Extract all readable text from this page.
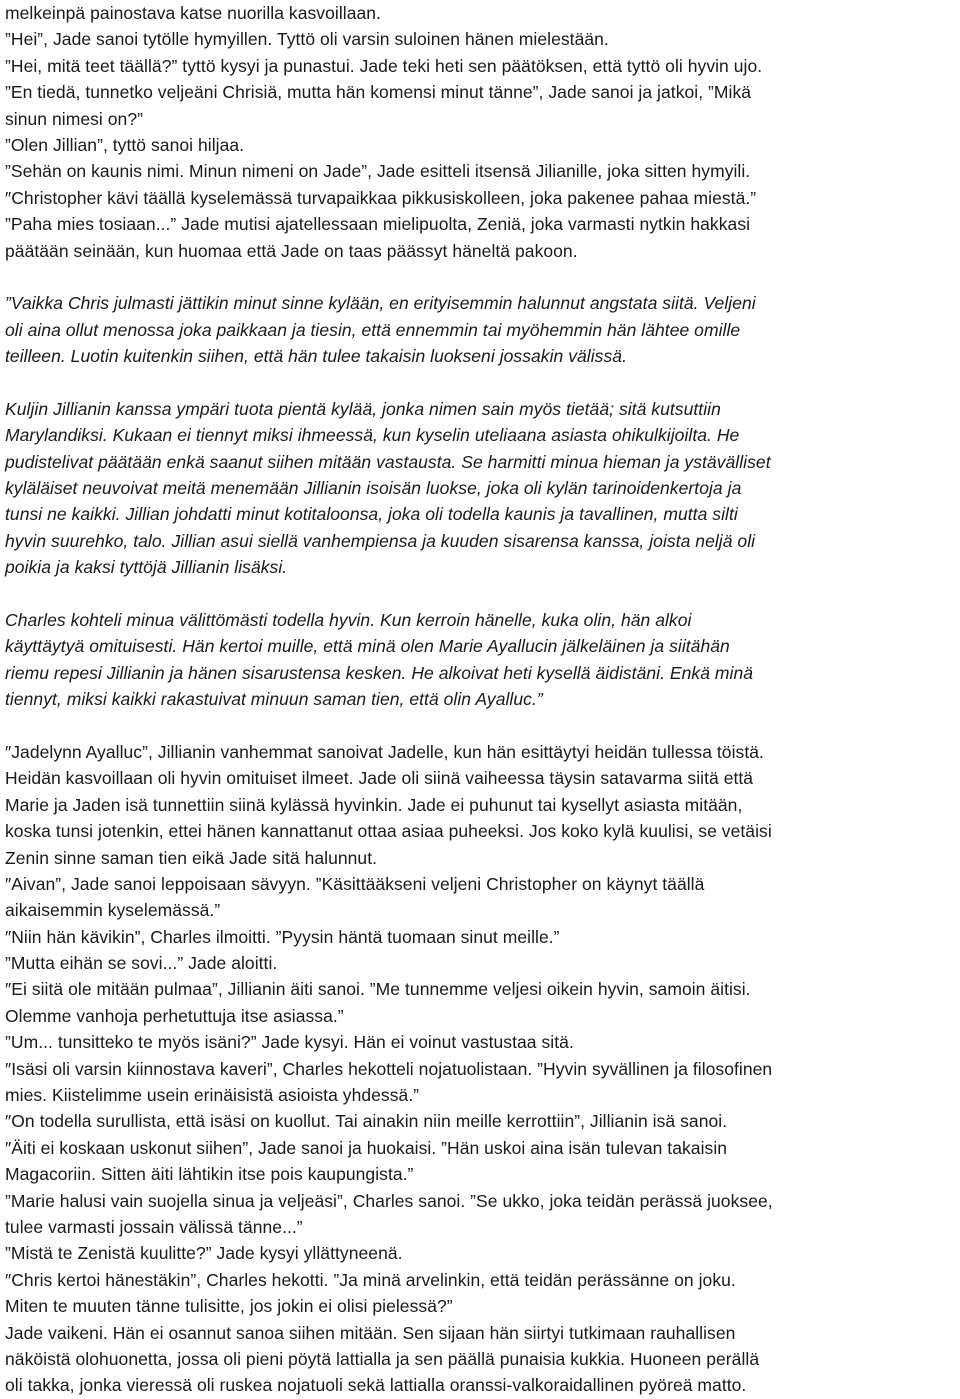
melkeinpä painostava katse nuorilla kasvoillaan.
”Hei”, Jade sanoi tytölle hymyillen. Tyttö oli varsin suloinen hänen mielestään.
”Hei, mitä teet täällä?” tyttö kysyi ja punastui. Jade teki heti sen päätöksen, että tyttö oli hyvin ujo.
”En tiedä, tunnetko veljeäni Chrisiä, mutta hän komensi minut tänne”, Jade sanoi ja jatkoi, ”Mikä
sinun nimesi on?”
”Olen Jillian”, tyttö sanoi hiljaa.
”Sehän on kaunis nimi. Minun nimeni on Jade”, Jade esitteli itsensä Jilianille, joka sitten hymyili.
″Christopher kävi täällä kyselemässä turvapaikkaa pikkusiskolleen, joka pakenee pahaa miestä.”
”Paha mies tosiaan...” Jade mutisi ajatellessaan mielipuolta, Zeniä, joka varmasti nytkin hakkasi
päätään seinään, kun huomaa että Jade on taas päässyt häneltä pakoon.
”Vaikka Chris julmasti jättikin minut sinne kylään, en erityisemmin halunnut angstata siitä. Veljeni
oli aina ollut menossa joka paikkaan ja tiesin, että ennemmin tai myöhemmin hän lähtee omille
teilleen. Luotin kuitenkin siihen, että hän tulee takaisin luokseni jossakin välissä.
Kuljin Jillianin kanssa ympäri tuota pientä kylää, jonka nimen sain myös tietää; sitä kutsuttiin
Marylandiksi. Kukaan ei tiennyt miksi ihmeessä, kun kyselin uteliaana asiasta ohikulkijoilta. He
pudistelivat päätään enkä saanut siihen mitään vastausta. Se harmitti minua hieman ja ystävälliset
kyläläiset neuvoivat meitä menemään Jillianin isoisän luokse, joka oli kylän tarinoidenkertoja ja
tunsi ne kaikki. Jillian johdatti minut kotitaloonsa, joka oli todella kaunis ja tavallinen, mutta silti
hyvin suurehko, talo. Jillian asui siellä vanhempiensa ja kuuden sisarensa kanssa, joista neljä oli
poikia ja kaksi tyttöjä Jillianin lisäksi.
Charles kohteli minua välittömästi todella hyvin. Kun kerroin hänelle, kuka olin, hän alkoi
käyttäytyä omituisesti. Hän kertoi muille, että minä olen Marie Ayallucin jälkeläinen ja siitähän
riemu repesi Jillianin ja hänen sisarustensa kesken. He alkoivat heti kysellä äidistäni. Enkä minä
tiennyt, miksi kaikki rakastuivat minuun saman tien, että olin Ayalluc.”
″Jadelynn Ayalluc”, Jillianin vanhemmat sanoivat Jadelle, kun hän esittäytyi heidän tullessa töistä.
Heidän kasvoillaan oli hyvin omituiset ilmeet. Jade oli siinä vaiheessa täysin satavarma siitä että
Marie ja Jaden isä tunnettiin siinä kylässä hyvinkin. Jade ei puhunut tai kysellyt asiasta mitään,
koska tunsi jotenkin, ettei hänen kannattanut ottaa asiaa puheeksi. Jos koko kylä kuulisi, se vetäisi
Zenin sinne saman tien eikä Jade sitä halunnut.
″Aivan”, Jade sanoi leppoisaan sävyyn. ”Käsittääkseni veljeni Christopher on käynyt täällä
aikaisemmin kyselemässä.”
″Niin hän kävikin”, Charles ilmoitti. ”Pyysin häntä tuomaan sinut meille.”
”Mutta eihän se sovi...” Jade aloitti.
″Ei siitä ole mitään pulmaa”, Jillianin äiti sanoi. ”Me tunnemme veljesi oikein hyvin, samoin äitisi.
Olemme vanhoja perhetuttuja itse asiassa.”
”Um... tunsitteko te myös isäni?” Jade kysyi. Hän ei voinut vastustaa sitä.
″Isäsi oli varsin kiinnostava kaveri”, Charles hekotteli nojatuolistaan. ”Hyvin syvällinen ja filosofinen
mies. Kiistelimme usein erinäisistä asioista yhdessä.”
″On todella surullista, että isäsi on kuollut. Tai ainakin niin meille kerrottiin”, Jillianin isä sanoi.
″Äiti ei koskaan uskonut siihen”, Jade sanoi ja huokaisi. ”Hän uskoi aina isän tulevan takaisin
Magacoriin. Sitten äiti lähtikin itse pois kaupungista.”
”Marie halusi vain suojella sinua ja veljeäsi”, Charles sanoi. ”Se ukko, joka teidän perässä juoksee,
tulee varmasti jossain välissä tänne...”
”Mistä te Zenistä kuulitte?” Jade kysyi yllättyneenä.
″Chris kertoi hänestäkin”, Charles hekotti. ”Ja minä arvelinkin, että teidän perässänne on joku.
Miten te muuten tänne tulisitte, jos jokin ei olisi pielessä?”
Jade vaikeni. Hän ei osannut sanoa siihen mitään. Sen sijaan hän siirtyi tutkimaan rauhallisen
näköistä olohuonetta, jossa oli pieni pöytä lattialla ja sen päällä punaisia kukkia. Huoneen perällä
oli takka, jonka vieressä oli ruskea nojatuoli sekä lattialla oranssi-valkoraidallinen pyöreä matto.
